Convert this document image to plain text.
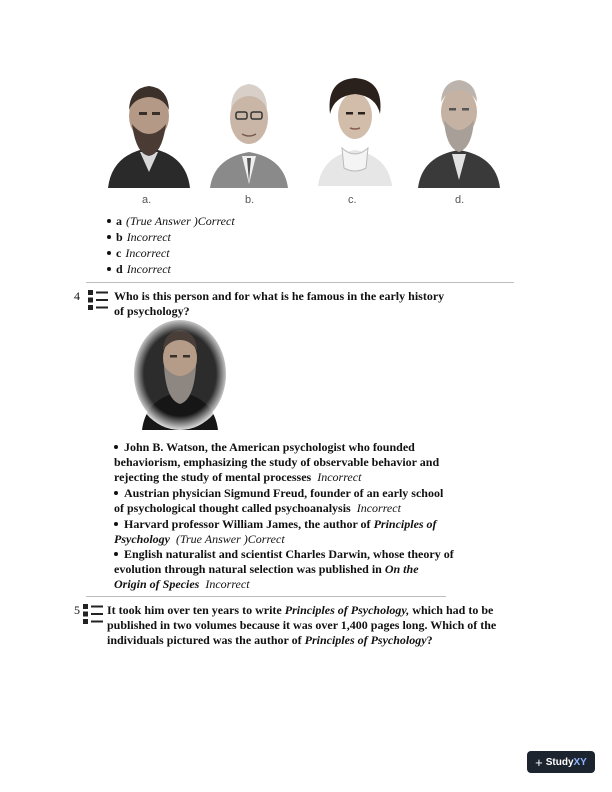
a.	b.	c.	d.
a (True Answer )Correct
b Incorrect
c Incorrect
d Incorrect
4	Who is this person and for what is he famous in the early history
of psychology?
John B. Watson, the American psychologist who founded behaviorism, emphasizing the study of observable behavior and rejecting the study of mental processes Incorrect
Austrian physician Sigmund Freud, founder of an early school of psychological thought called psychoanalysis Incorrect
Harvard professor William James, the author of Principles of Psychology (True Answer )Correct
English naturalist and scientist Charles Darwin, whose theory of evolution through natural selection was published in On the Origin of Species Incorrect
5 It took him over ten years to write Principles of Psychology, which had to be
published in two volumes because it was over 1,400 pages long. Which of the
individuals pictured was the author of Principles of Psychology?
+ StudyXY
